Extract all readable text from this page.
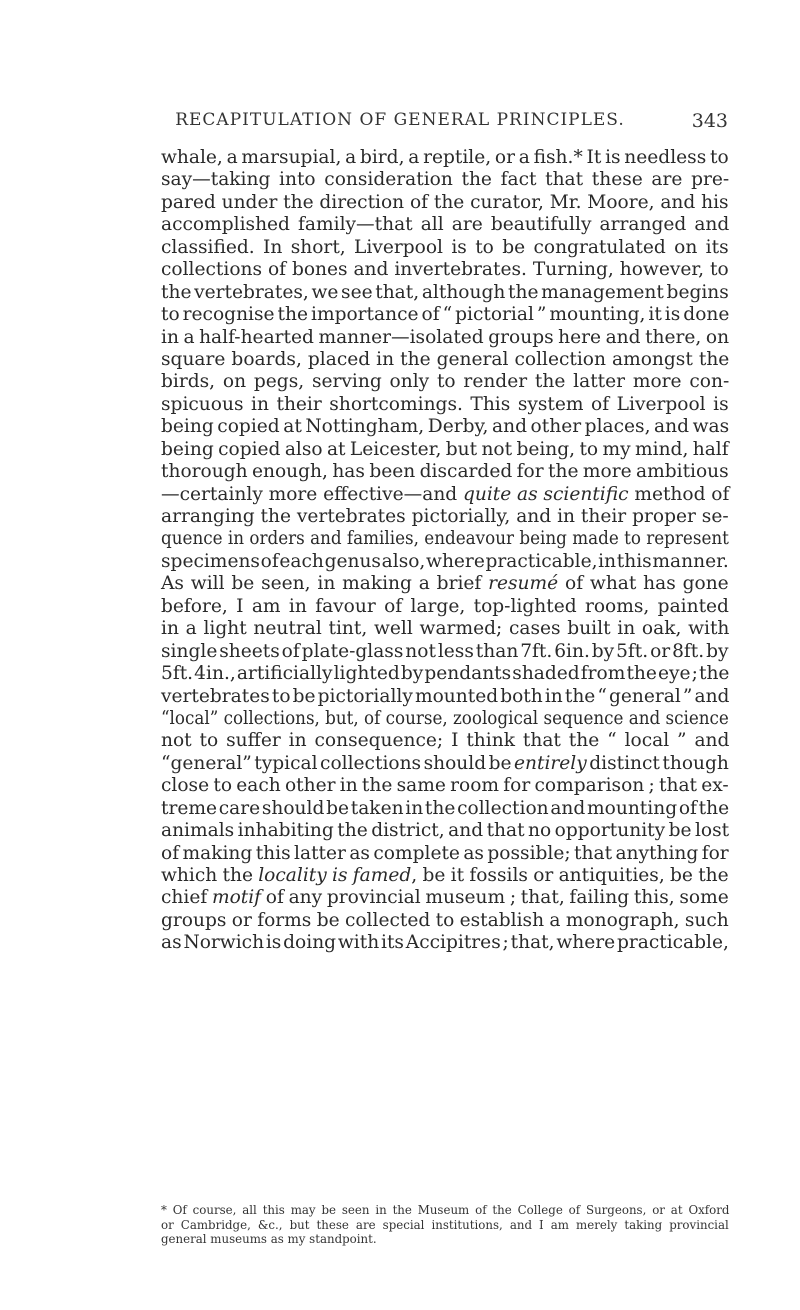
RECAPITULATION OF GENERAL PRINCIPLES.	343
whale, a marsupial, a bird, a reptile, or a fish.* It is needless to
say—taking into consideration the fact that these are pre-
pared under the direction of the curator, Mr. Moore, and his
accomplished family—that all are beautifully arranged and
classified. In short, Liverpool is to be congratulated on its
collections of bones and invertebrates. Turning, however, to
the vertebrates, we see that, although the management begins
to recognise the importance of “ pictorial ” mounting, it is done
in a half-hearted manner—isolated groups here and there, on
square boards, placed in the general collection amongst the
birds, on pegs, serving only to render the latter more con-
spicuous in their shortcomings. This system of Liverpool is
being copied at Nottingham, Derby, and other places, and was
being copied also at Leicester, but not being, to my mind, half
thorough enough, has been discarded for the more ambitious
—certainly more effective—and quite as scientific method of
arranging the vertebrates pictorially, and in their proper se-
quence in orders and families, endeavour being made to represent
specimens of each genus also, where practicable, in this manner.
As will be seen, in making a brief resumé of what has gone
before, I am in favour of large, top-lighted rooms, painted
in a light neutral tint, well warmed; cases built in oak, with
single sheets of plate-glass not less than 7ft. 6in. by 5ft. or 8ft. by
5ft. 4in., artificially lighted by pendants shaded from the eye ; the
vertebrates to be pictorially mounted both in the “ general ” and
“local” collections, but, of course, zoological sequence and science
not to suffer in consequence; I think that the “ local ” and
“general” typical collections should be entirely distinct though
close to each other in the same room for comparison ; that ex-
treme care should be taken in the collection and mounting of the
animals inhabiting the district, and that no opportunity be lost
of making this latter as complete as possible; that anything for
which the locality is famed, be it fossils or antiquities, be the
chief motif of any provincial museum ; that, failing this, some
groups or forms be collected to establish a monograph, such
as Norwich is doing with its Accipitres ; that, where practicable,
* Of course, all this may be seen in the Museum of the College of Surgeons, or at Oxford
or Cambridge, &c., but these are special institutions, and I am merely taking provincial
general museums as my standpoint.
